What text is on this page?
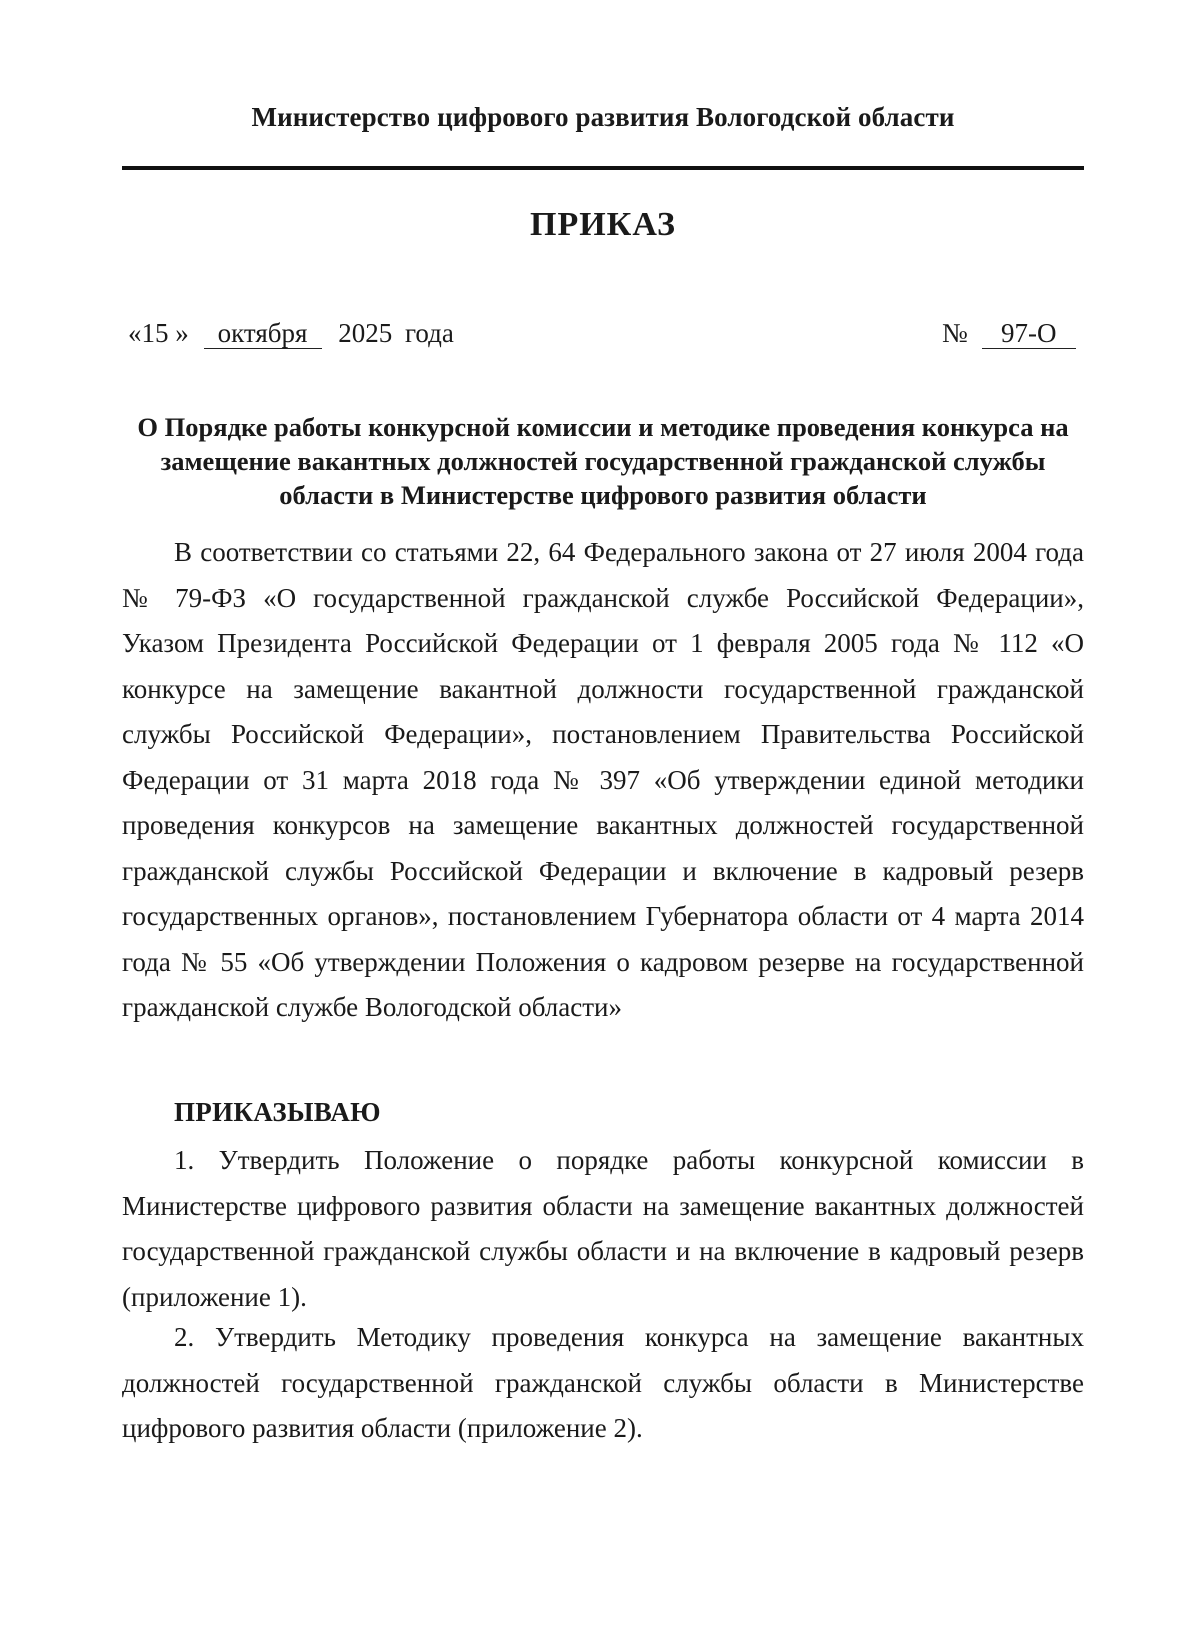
Министерство цифрового развития Вологодской области
ПРИКАЗ
«15 » октября 2025 года	№ 97-О
О Порядке работы конкурсной комиссии и методике проведения конкурса на замещение вакантных должностей государственной гражданской службы области в Министерстве цифрового развития области

В соответствии со статьями 22, 64 Федерального закона от 27 июля 2004 года № 79-ФЗ «О государственной гражданской службе Российской Федерации», Указом Президента Российской Федерации от 1 февраля 2005 года № 112 «О конкурсе на замещение вакантной должности государственной гражданской службы Российской Федерации», постановлением Правительства Российской Федерации от 31 марта 2018 года № 397 «Об утверждении единой методики проведения конкурсов на замещение вакантных должностей государственной гражданской службы Российской Федерации и включение в кадровый резерв государственных органов», постановлением Губернатора области от 4 марта 2014 года № 55 «Об утверждении Положения о кадровом резерве на государственной гражданской службе Вологодской области»

ПРИКАЗЫВАЮ

1. Утвердить Положение о порядке работы конкурсной комиссии в Министерстве цифрового развития области на замещение вакантных должностей государственной гражданской службы области и на включение в кадровый резерв (приложение 1).

2. Утвердить Методику проведения конкурса на замещение вакантных должностей государственной гражданской службы области в Министерстве цифрового развития области (приложение 2).
